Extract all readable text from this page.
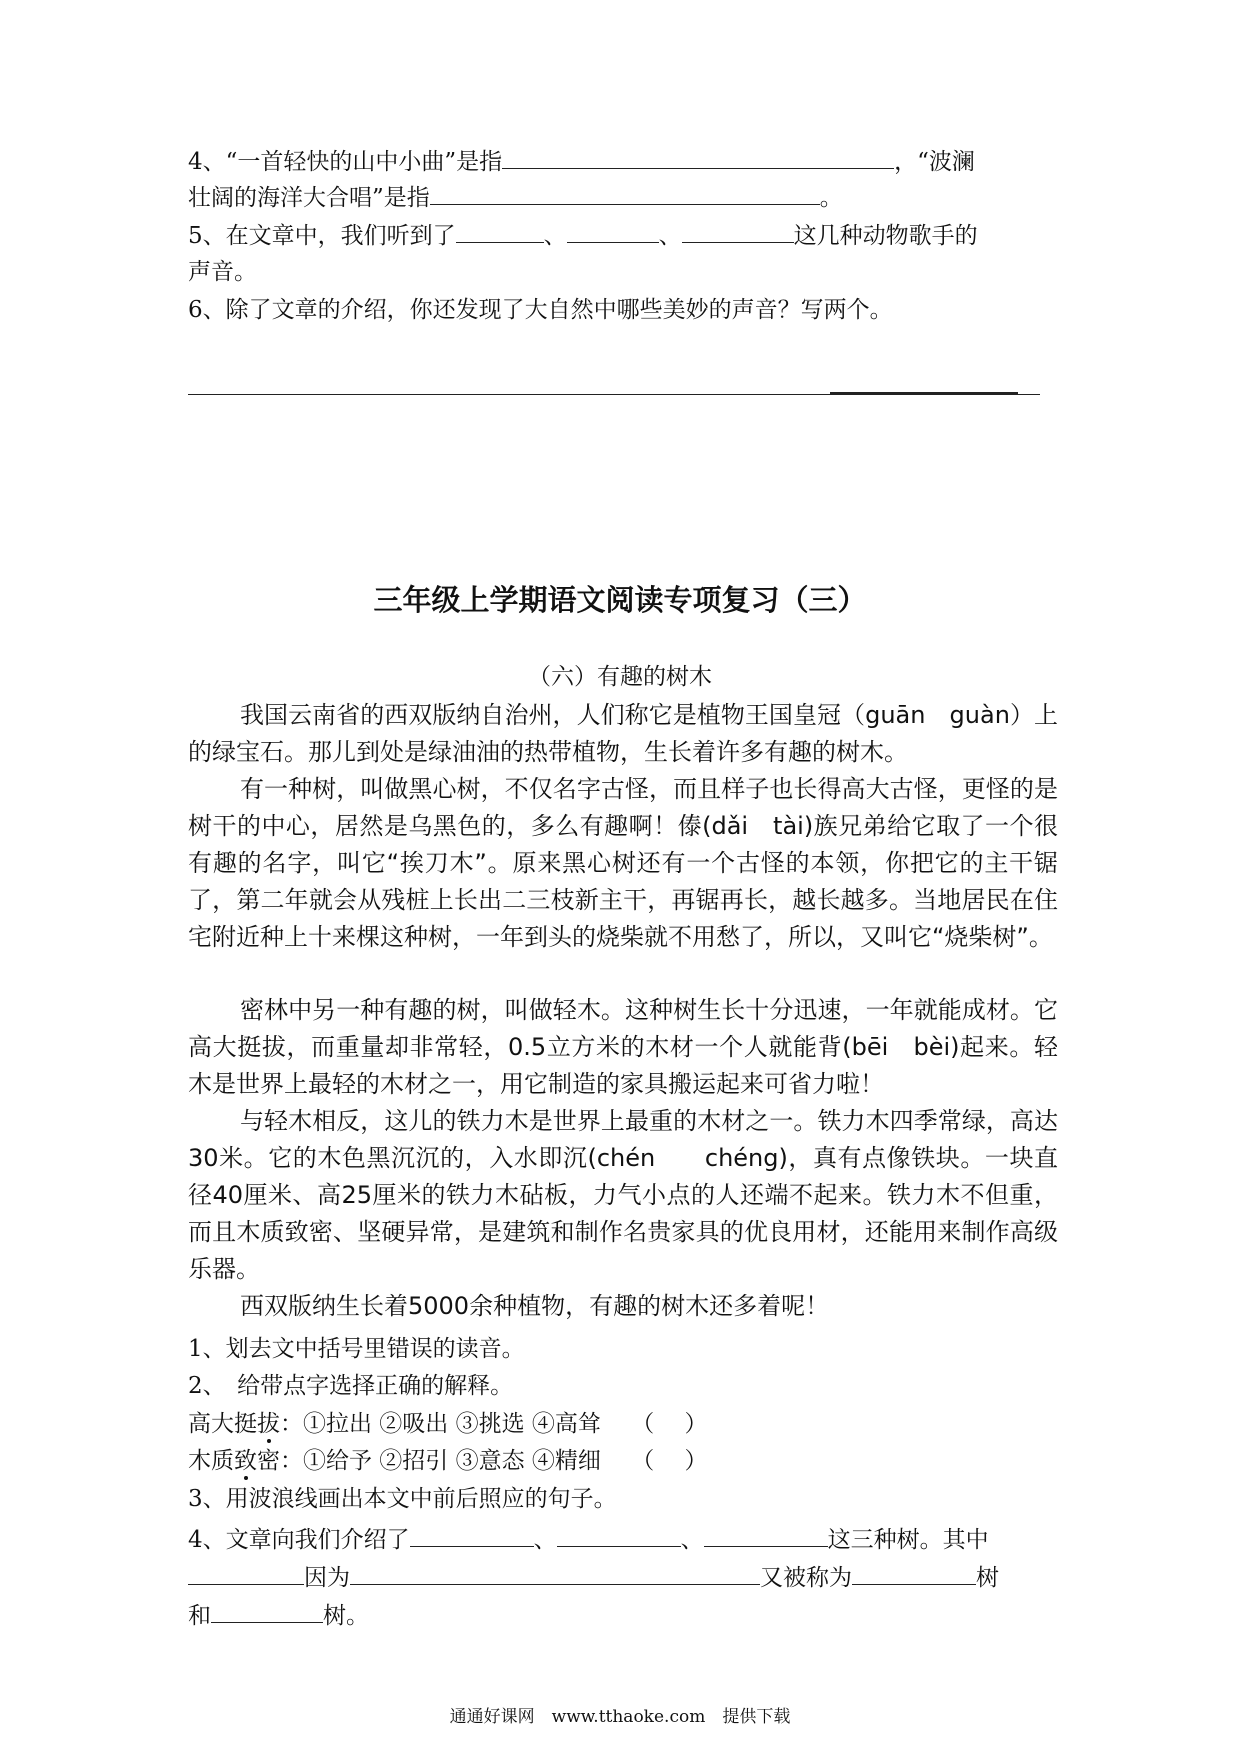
4、“一首轻快的山中小曲”是指	，“波澜
壮阔的海洋大合唱”是指	。
5、在文章中，我们听到了	、	、	这几种动物歌手的
声音。
6、除了文章的介绍，你还发现了大自然中哪些美妙的声音？写两个。
三年级上学期语文阅读专项复习（三）
（六）有趣的树木
我国云南省的西双版纳自治州，人们称它是植物王国皇冠（guān　guàn）上的绿宝石。那儿到处是绿油油的热带植物，生长着许多有趣的树木。
有一种树，叫做黑心树，不仅名字古怪，而且样子也长得高大古怪，更怪的是树干的中心，居然是乌黑色的，多么有趣啊！傣(dǎi　tài)族兄弟给它取了一个很有趣的名字，叫它“挨刀木”。原来黑心树还有一个古怪的本领，你把它的主干锯了，第二年就会从残桩上长出二三枝新主干，再锯再长，越长越多。当地居民在住宅附近种上十来棵这种树，一年到头的烧柴就不用愁了，所以，又叫它“烧柴树”。
密林中另一种有趣的树，叫做轻木。这种树生长十分迅速，一年就能成材。它高大挺拔，而重量却非常轻，0.5立方米的木材一个人就能背(bēi　bèi)起来。轻木是世界上最轻的木材之一，用它制造的家具搬运起来可省力啦！
与轻木相反，这儿的铁力木是世界上最重的木材之一。铁力木四季常绿，高达30米。它的木色黑沉沉的，入水即沉(chén　　chéng)，真有点像铁块。一块直径40厘米、高25厘米的铁力木砧板，力气小点的人还端不起来。铁力木不但重，而且木质致密、坚硬异常，是建筑和制作名贵家具的优良用材，还能用来制作高级乐器。
西双版纳生长着5000余种植物，有趣的树木还多着呢！
1、划去文中括号里错误的读音。
2、　给带点字选择正确的解释。
高大挺拔：①拉出 ②吸出 ③挑选 ④高耸　 （　 ）
木质致密：①给予 ②招引 ③意态 ④精细　 （　 ）
3、用波浪线画出本文中前后照应的句子。
4、文章向我们介绍了	、	、	这三种树。其中
因为	又被称为	树
和	树。
通通好课网　www.tthaoke.com　提供下载
